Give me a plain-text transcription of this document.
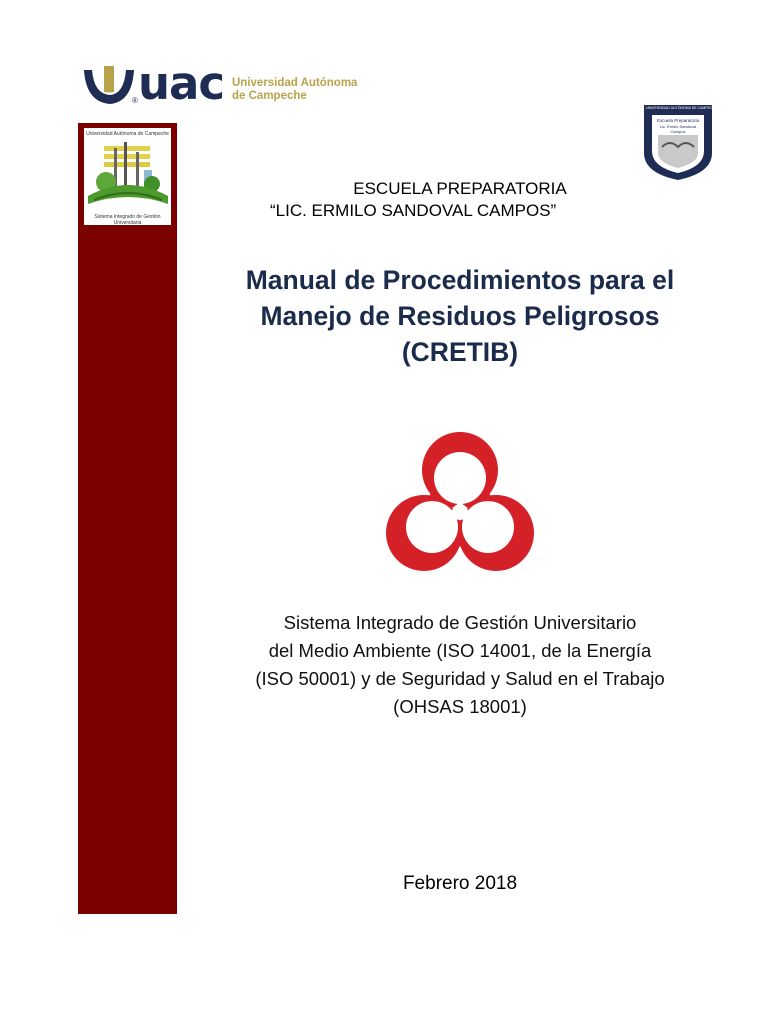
uac
®
Universidad Autónoma
de Campeche
Universidad Autónoma de Campeche
Sistema Integrado de Gestión Universitaria
UNIVERSIDAD AUTÓNOMA DE CAMPECHE
Escuela Preparatoria
Lic. Ermilo Sandoval Campos
ESCUELA PREPARATORIA
“LIC. ERMILO SANDOVAL CAMPOS”
Manual de Procedimientos para el
Manejo de Residuos Peligrosos
(CRETIB)
Sistema Integrado de Gestión Universitario
del Medio Ambiente (ISO 14001, de la Energía
(ISO 50001) y de Seguridad y Salud en el Trabajo
(OHSAS 18001)
Febrero 2018
